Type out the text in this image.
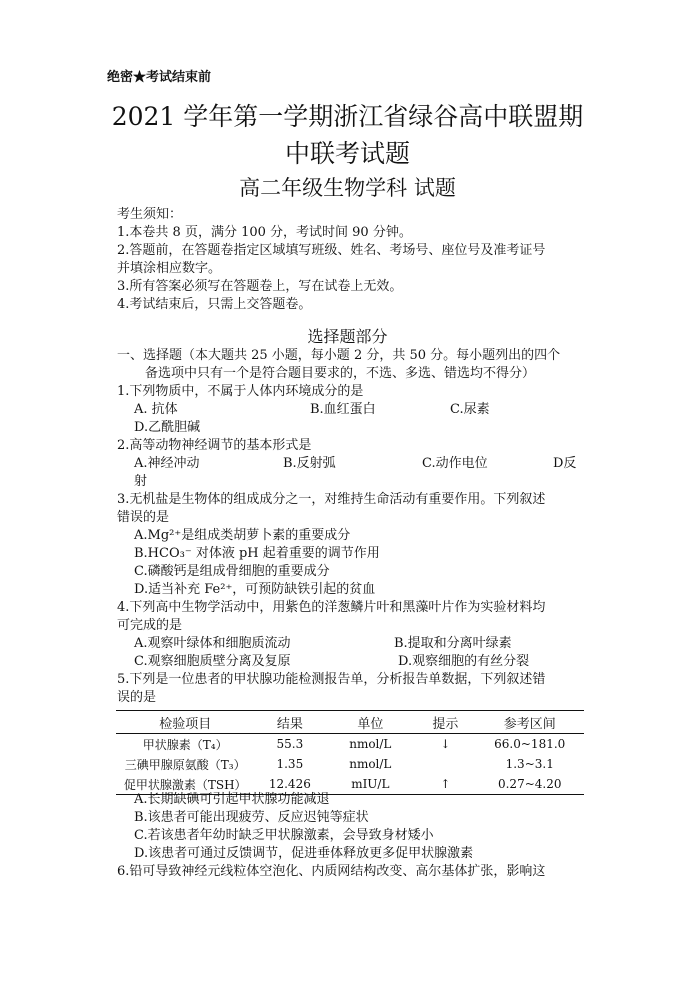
绝密★考试结束前
2021 学年第一学期浙江省绿谷高中联盟期
中联考试题
高二年级生物学科 试题
考生须知：
1.本卷共 8 页，满分 100 分，考试时间 90 分钟。
2.答题前，在答题卷指定区域填写班级、姓名、考场号、座位号及准考证号
并填涂相应数字。
3.所有答案必须写在答题卷上，写在试卷上无效。
4.考试结束后，只需上交答题卷。
选择题部分
一、选择题（本大题共 25 小题，每小题 2 分，共 50 分。每小题列出的四个
备选项中只有一个是符合题目要求的，不选、多选、错选均不得分）
1.下列物质中，不属于人体内环境成分的是
A. 抗体	B.血红蛋白	C.尿素
D.乙酰胆碱
2.高等动物神经调节的基本形式是
A.神经冲动	B.反射弧	C.动作电位	D反
射
3.无机盐是生物体的组成成分之一，对维持生命活动有重要作用。下列叙述
错误的是
A.Mg²⁺是组成类胡萝卜素的重要成分
B.HCO₃⁻ 对体液 pH 起着重要的调节作用
C.磷酸钙是组成骨细胞的重要成分
D.适当补充 Fe²⁺，可预防缺铁引起的贫血
4.下列高中生物学活动中，用紫色的洋葱鳞片叶和黑藻叶片作为实验材料均
可完成的是
A.观察叶绿体和细胞质流动	B.提取和分离叶绿素
C.观察细胞质壁分离及复原	D.观察细胞的有丝分裂
5.下列是一位患者的甲状腺功能检测报告单，分析报告单数据，下列叙述错
误的是
检验项目	结果	单位	提示	参考区间
甲状腺素（T₄）	55.3	nmol/L	↓	66.0~181.0
三碘甲腺原氨酸（T₃）	1.35	nmol/L		1.3~3.1
促甲状腺激素（TSH）	12.426	mIU/L	↑	0.27~4.20
A.长期缺碘可引起甲状腺功能减退
B.该患者可能出现疲劳、反应迟钝等症状
C.若该患者年幼时缺乏甲状腺激素，会导致身材矮小
D.该患者可通过反馈调节，促进垂体释放更多促甲状腺激素
6.铅可导致神经元线粒体空泡化、内质网结构改变、高尔基体扩张，影响这
